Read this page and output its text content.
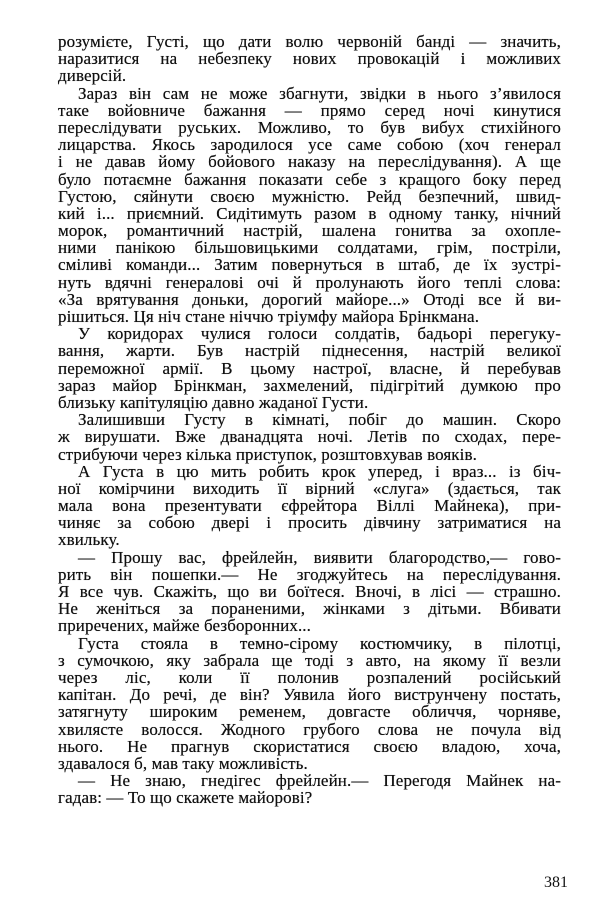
розумієте, Густі, що дати волю червоній банді — значить,
наразитися на небезпеку нових провокацій і можливих
диверсій.
Зараз він сам не може збагнути, звідки в нього з’явилося
таке войовниче бажання — прямо серед ночі кинутися
переслідувати руських. Можливо, то був вибух стихійного
лицарства. Якось зародилося усе саме собою (хоч генерал
і не давав йому бойового наказу на переслідування). А ще
було потаємне бажання показати себе з кращого боку перед
Густою, сяйнути своєю мужністю. Рейд безпечний, швид-
кий і... приємний. Сидітимуть разом в одному танку, нічний
морок, романтичний настрій, шалена гонитва за охопле-
ними панікою більшовицькими солдатами, грім, постріли,
сміливі команди... Затим повернуться в штаб, де їх зустрі-
нуть вдячні генералові очі й пролунають його теплі слова:
«За врятування доньки, дорогий майоре...» Отоді все й ви-
рішиться. Ця ніч стане ніччю тріумфу майора Брінкмана.
У коридорах чулися голоси солдатів, бадьорі перегуку-
вання, жарти. Був настрій піднесення, настрій великої
переможної армії. В цьому настрої, власне, й перебував
зараз майор Брінкман, захмелений, підігрітий думкою про
близьку капітуляцію давно жаданої Густи.
Залишивши Густу в кімнаті, побіг до машин. Скоро
ж вирушати. Вже дванадцята ночі. Летів по сходах, пере-
стрибуючи через кілька приступок, розштовхував вояків.
А Густа в цю мить робить крок уперед, і враз... із біч-
ної комірчини виходить її вірний «слуга» (здається, так
мала вона презентувати єфрейтора Віллі Майнека), при-
чиняє за собою двері і просить дівчину затриматися на
хвильку.
— Прошу вас, фрейлейн, виявити благородство,— гово-
рить він пошепки.— Не згоджуйтесь на переслідування.
Я все чув. Скажіть, що ви боїтеся. Вночі, в лісі — страшно.
Не женіться за пораненими, жінками з дітьми. Вбивати
приречених, майже безборонних...
Густа стояла в темно-сірому костюмчику, в пілотці,
з сумочкою, яку забрала ще тоді з авто, на якому її везли
через ліс, коли її полонив розпалений російський
капітан. До речі, де він? Уявила його виструнчену постать,
затягнуту широким ременем, довгасте обличчя, чорняве,
хвилясте волосся. Жодного грубого слова не почула від
нього. Не прагнув скористатися своєю владою, хоча,
здавалося б, мав таку можливість.
— Не знаю, гнедігес фрейлейн.— Перегодя Майнек на-
гадав: — То що скажете майорові?
381
